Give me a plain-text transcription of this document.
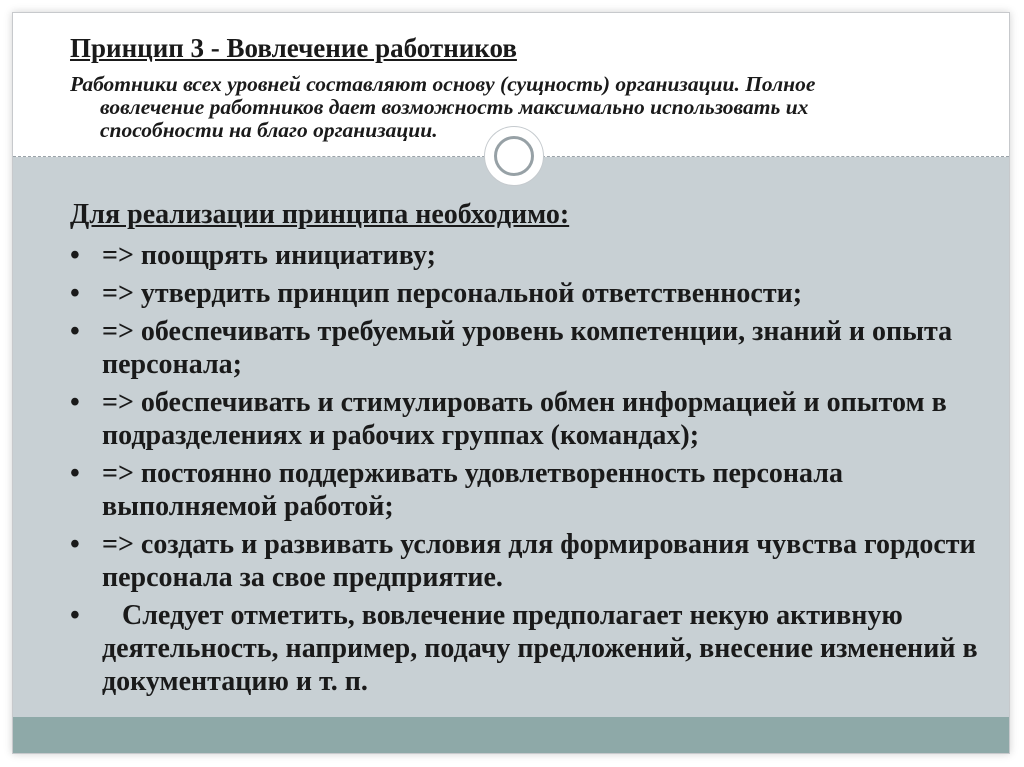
Принцип 3 - Вовлечение работников

Работники всех уровней составляют основу (сущность) организации. Полное
вовлечение работников дает возможность максимально использовать их
способности на благо организации.

Для реализации принципа необходимо:
• => поощрять инициативу;
• => утвердить принцип персональной ответственности;
• => обеспечивать требуемый уровень компетенции, знаний и опыта персонала;
• => обеспечивать и стимулировать обмен информацией и опытом в подразделениях и рабочих группах (командах);
• => постоянно поддерживать удовлетворенность персонала выполняемой работой;
• => создать и развивать условия для формирования чувства гордости персонала за свое предприятие.
•	Следует отметить, вовлечение предполагает некую активную деятельность, например, подачу предложений, внесение изменений в документацию и т. п.
